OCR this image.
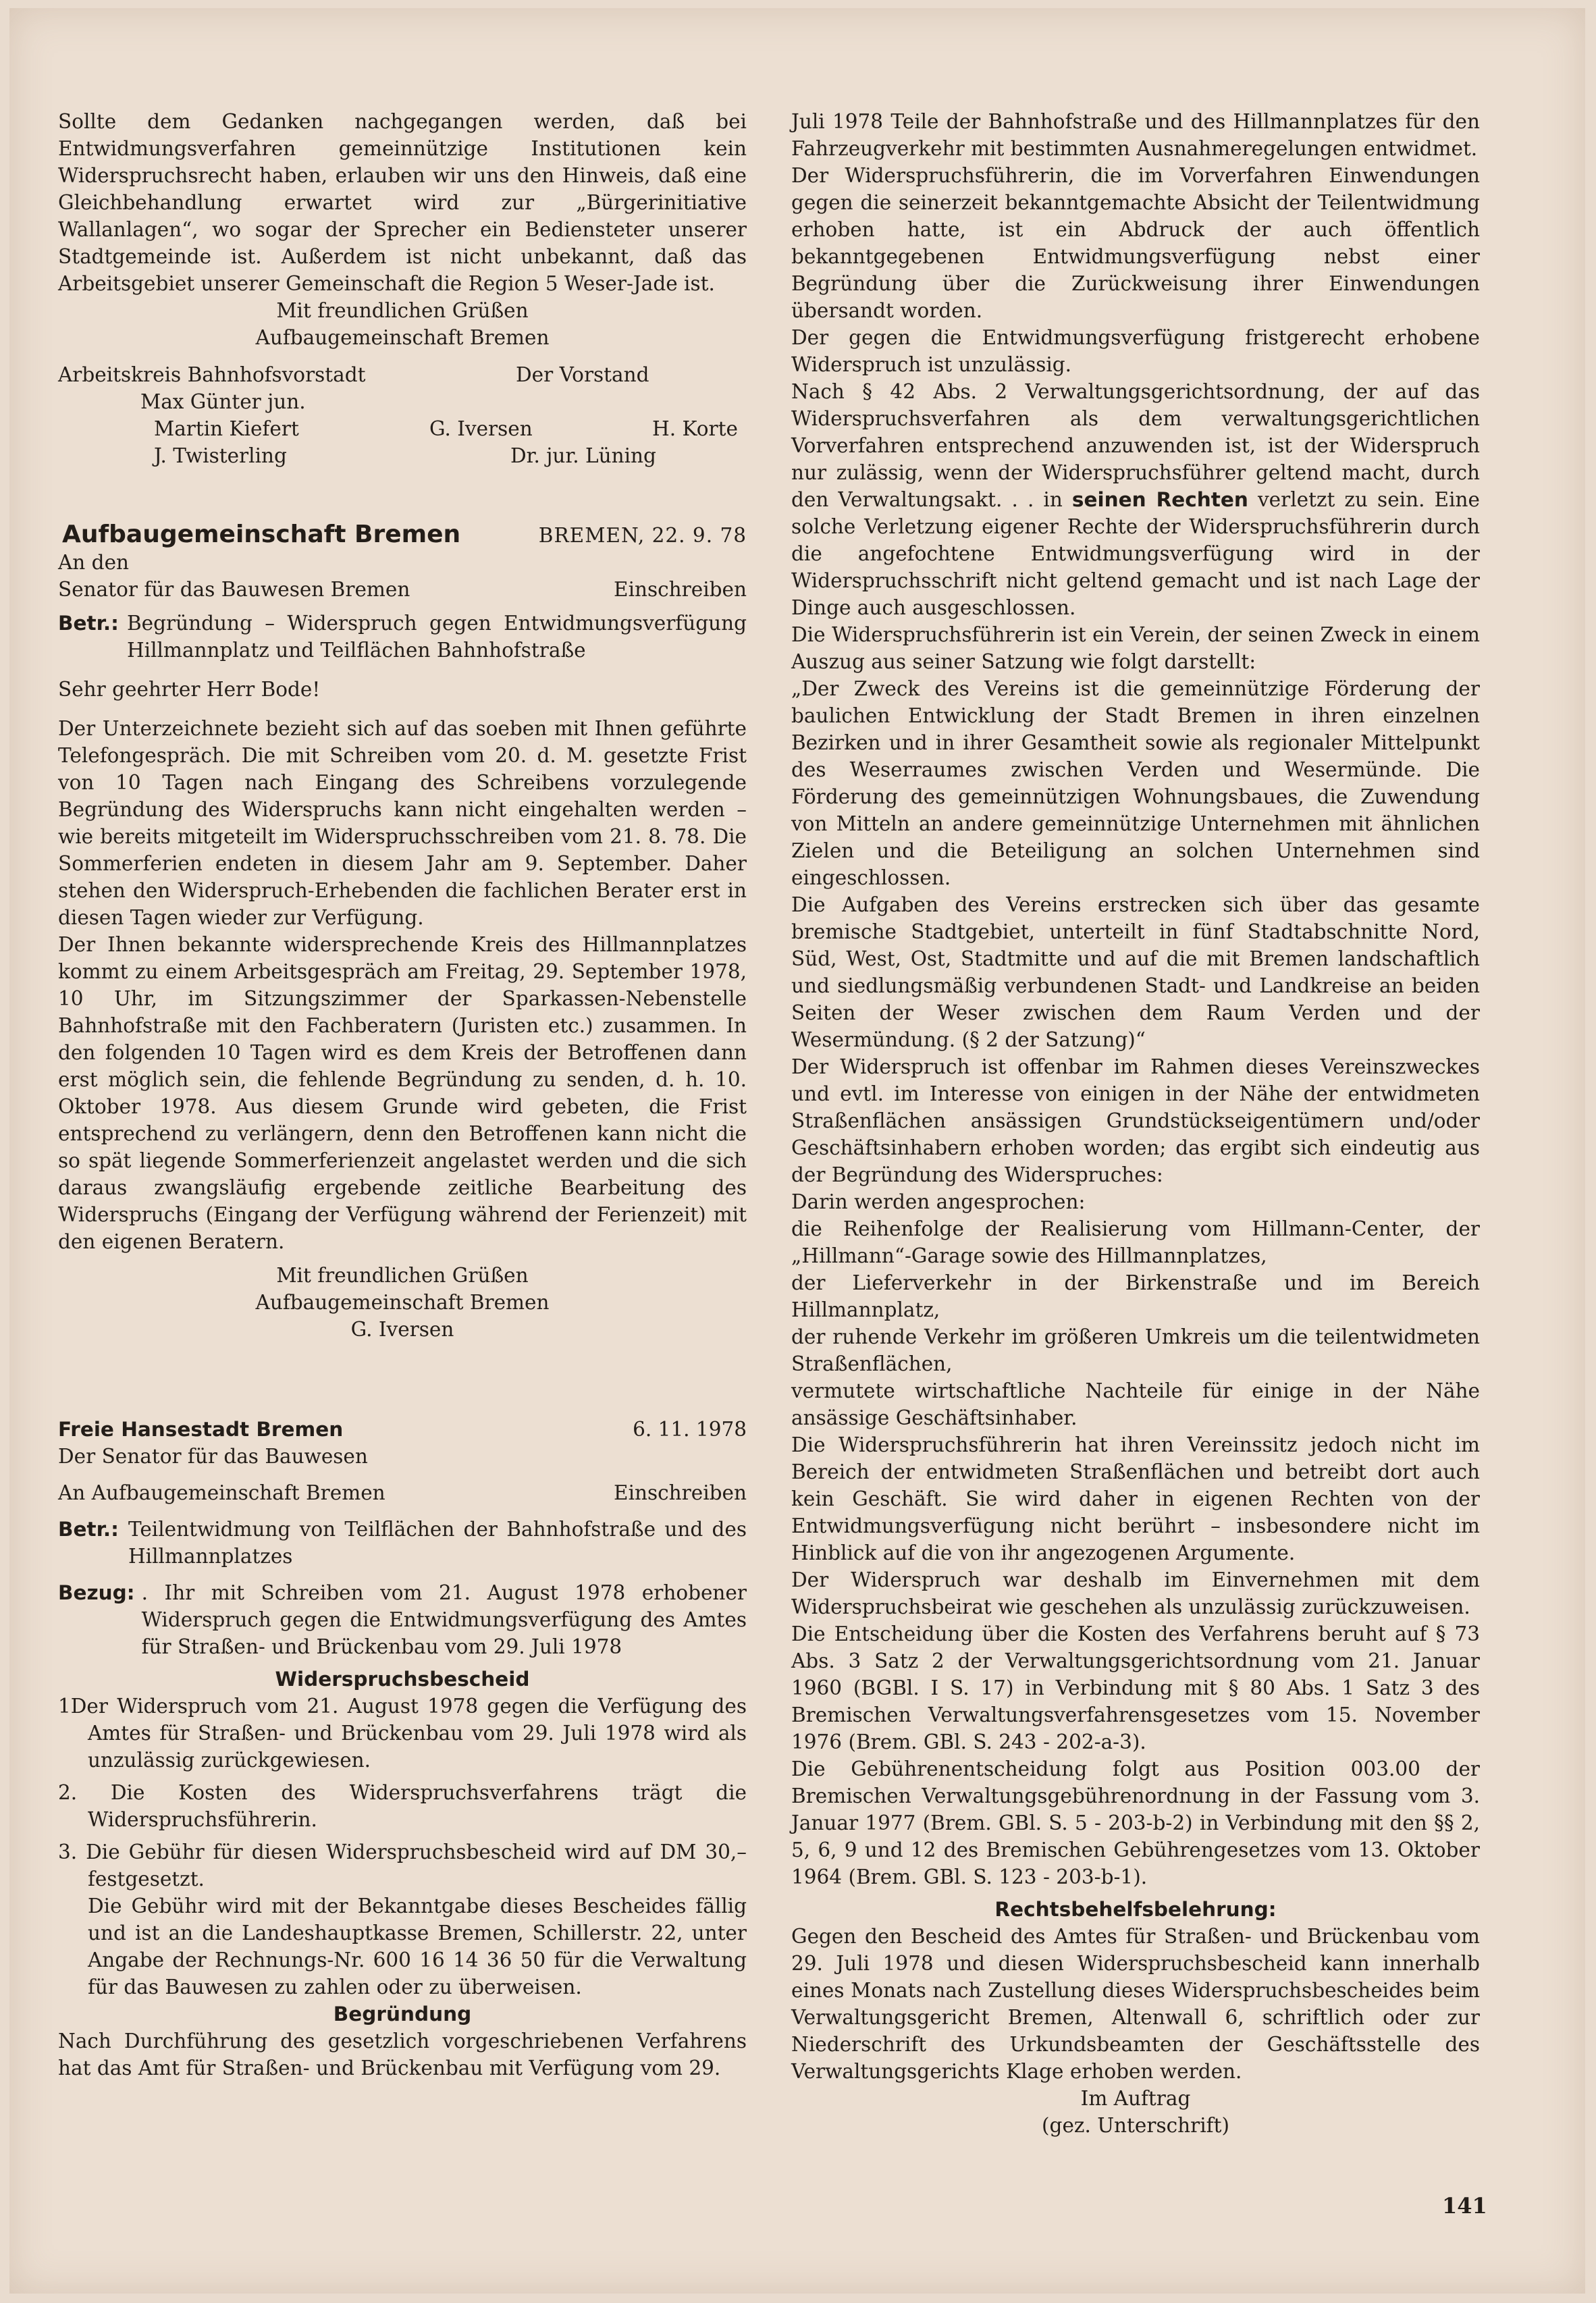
Sollte dem Gedanken nachgegangen werden, daß bei Entwidmungsverfahren gemeinnützige Institutionen kein Widerspruchsrecht haben, erlauben wir uns den Hinweis, daß eine Gleichbehandlung erwartet wird zur „Bürgerinitiative Wallanlagen“, wo sogar der Sprecher ein Bediensteter unserer Stadtgemeinde ist. Außerdem ist nicht unbekannt, daß das Arbeitsgebiet unserer Gemeinschaft die Region 5 Weser-Jade ist.

Mit freundlichen Grüßen

Aufbaugemeinschaft Bremen

Arbeitskreis Bahnhofsvorstadt	Der Vorstand
Max Günter jun.
Martin Kiefert	G. Iversen	H. Korte
J. Twisterling	Dr. jur. Lüning
Aufbaugemeinschaft Bremen	BREMEN, 22. 9. 78

An den

Senator für das Bauwesen Bremen	Einschreiben
Betr.: Begründung – Widerspruch gegen Entwidmungsverfügung Hillmannplatz und Teilflächen Bahnhofstraße

Sehr geehrter Herr Bode!

Der Unterzeichnete bezieht sich auf das soeben mit Ihnen geführte Telefongespräch. Die mit Schreiben vom 20. d. M. gesetzte Frist von 10 Tagen nach Eingang des Schreibens vorzulegende Begründung des Widerspruchs kann nicht eingehalten werden – wie bereits mitgeteilt im Widerspruchsschreiben vom 21. 8. 78. Die Sommerferien endeten in diesem Jahr am 9. September. Daher stehen den Widerspruch-Erhebenden die fachlichen Berater erst in diesen Tagen wieder zur Verfügung.

Der Ihnen bekannte widersprechende Kreis des Hillmannplatzes kommt zu einem Arbeitsgespräch am Freitag, 29. September 1978, 10 Uhr, im Sitzungszimmer der Sparkassen-Nebenstelle Bahnhofstraße mit den Fachberatern (Juristen etc.) zusammen. In den folgenden 10 Tagen wird es dem Kreis der Betroffenen dann erst möglich sein, die fehlende Begründung zu senden, d. h. 10. Oktober 1978. Aus diesem Grunde wird gebeten, die Frist entsprechend zu verlängern, denn den Betroffenen kann nicht die so spät liegende Sommerferienzeit angelastet werden und die sich daraus zwangsläufig ergebende zeitliche Bearbeitung des Widerspruchs (Eingang der Verfügung während der Ferienzeit) mit den eigenen Beratern.

Mit freundlichen Grüßen

Aufbaugemeinschaft Bremen

G. Iversen

Freie Hansestadt Bremen	6. 11. 1978

Der Senator für das Bauwesen

An Aufbaugemeinschaft Bremen	Einschreiben
Betr.: Teilentwidmung von Teilflächen der Bahnhofstraße und des Hillmannplatzes

Bezug: . Ihr mit Schreiben vom 21. August 1978 erhobener Widerspruch gegen die Entwidmungsverfügung des Amtes für Straßen- und Brückenbau vom 29. Juli 1978

Widerspruchsbescheid

1Der Widerspruch vom 21. August 1978 gegen die Verfügung des Amtes für Straßen- und Brückenbau vom 29. Juli 1978 wird als unzulässig zurückgewiesen.

2. Die Kosten des Widerspruchsverfahrens trägt die Widerspruchsführerin.

3. Die Gebühr für diesen Widerspruchsbescheid wird auf DM 30,– festgesetzt.

Die Gebühr wird mit der Bekanntgabe dieses Bescheides fällig und ist an die Landeshauptkasse Bremen, Schillerstr. 22, unter Angabe der Rechnungs-Nr. 600 16 14 36 50 für die Verwaltung für das Bauwesen zu zahlen oder zu überweisen.

Begründung

Nach Durchführung des gesetzlich vorgeschriebenen Verfahrens hat das Amt für Straßen- und Brückenbau mit Verfügung vom 29.

Juli 1978 Teile der Bahnhofstraße und des Hillmannplatzes für den Fahrzeugverkehr mit bestimmten Ausnahmeregelungen entwidmet.

Der Widerspruchsführerin, die im Vorverfahren Einwendungen gegen die seinerzeit bekanntgemachte Absicht der Teilentwidmung erhoben hatte, ist ein Abdruck der auch öffentlich bekanntgegebenen Entwidmungsverfügung nebst einer Begründung über die Zurückweisung ihrer Einwendungen übersandt worden.

Der gegen die Entwidmungsverfügung fristgerecht erhobene Widerspruch ist unzulässig.

Nach § 42 Abs. 2 Verwaltungsgerichtsordnung, der auf das Widerspruchsverfahren als dem verwaltungsgerichtlichen Vorverfahren entsprechend anzuwenden ist, ist der Widerspruch nur zulässig, wenn der Widerspruchsführer geltend macht, durch den Verwaltungsakt. . . in seinen Rechten verletzt zu sein. Eine solche Verletzung eigener Rechte der Widerspruchsführerin durch die angefochtene Entwidmungsverfügung wird in der Widerspruchsschrift nicht geltend gemacht und ist nach Lage der Dinge auch ausgeschlossen.

Die Widerspruchsführerin ist ein Verein, der seinen Zweck in einem Auszug aus seiner Satzung wie folgt darstellt:

„Der Zweck des Vereins ist die gemeinnützige Förderung der baulichen Entwicklung der Stadt Bremen in ihren einzelnen Bezirken und in ihrer Gesamtheit sowie als regionaler Mittelpunkt des Weserraumes zwischen Verden und Wesermünde. Die Förderung des gemeinnützigen Wohnungsbaues, die Zuwendung von Mitteln an andere gemeinnützige Unternehmen mit ähnlichen Zielen und die Beteiligung an solchen Unternehmen sind eingeschlossen.

Die Aufgaben des Vereins erstrecken sich über das gesamte bremische Stadtgebiet, unterteilt in fünf Stadtabschnitte Nord, Süd, West, Ost, Stadtmitte und auf die mit Bremen landschaftlich und siedlungsmäßig verbundenen Stadt- und Landkreise an beiden Seiten der Weser zwischen dem Raum Verden und der Wesermündung. (§ 2 der Satzung)“

Der Widerspruch ist offenbar im Rahmen dieses Vereinszweckes und evtl. im Interesse von einigen in der Nähe der entwidmeten Straßenflächen ansässigen Grundstückseigentümern und/oder Geschäftsinhabern erhoben worden; das ergibt sich eindeutig aus der Begründung des Widerspruches:

Darin werden angesprochen:

die Reihenfolge der Realisierung vom Hillmann-Center, der „Hillmann“-Garage sowie des Hillmannplatzes,

der Lieferverkehr in der Birkenstraße und im Bereich Hillmannplatz,

der ruhende Verkehr im größeren Umkreis um die teilentwidmeten Straßenflächen,

vermutete wirtschaftliche Nachteile für einige in der Nähe ansässige Geschäftsinhaber.

Die Widerspruchsführerin hat ihren Vereinssitz jedoch nicht im Bereich der entwidmeten Straßenflächen und betreibt dort auch kein Geschäft. Sie wird daher in eigenen Rechten von der Entwidmungsverfügung nicht berührt – insbesondere nicht im Hinblick auf die von ihr angezogenen Argumente.

Der Widerspruch war deshalb im Einvernehmen mit dem Widerspruchsbeirat wie geschehen als unzulässig zurückzuweisen.

Die Entscheidung über die Kosten des Verfahrens beruht auf § 73 Abs. 3 Satz 2 der Verwaltungsgerichtsordnung vom 21. Januar 1960 (BGBl. I S. 17) in Verbindung mit § 80 Abs. 1 Satz 3 des Bremischen Verwaltungsverfahrensgesetzes vom 15. November 1976 (Brem. GBl. S. 243 - 202-a-3).

Die Gebührenentscheidung folgt aus Position 003.00 der Bremischen Verwaltungsgebührenordnung in der Fassung vom 3. Januar 1977 (Brem. GBl. S. 5 - 203-b-2) in Verbindung mit den §§ 2, 5, 6, 9 und 12 des Bremischen Gebührengesetzes vom 13. Oktober 1964 (Brem. GBl. S. 123 - 203-b-1).

Rechtsbehelfsbelehrung:

Gegen den Bescheid des Amtes für Straßen- und Brückenbau vom 29. Juli 1978 und diesen Widerspruchsbescheid kann innerhalb eines Monats nach Zustellung dieses Widerspruchsbescheides beim Verwaltungsgericht Bremen, Altenwall 6, schriftlich oder zur Niederschrift des Urkundsbeamten der Geschäftsstelle des Verwaltungsgerichts Klage erhoben werden.

Im Auftrag

(gez. Unterschrift)

141
